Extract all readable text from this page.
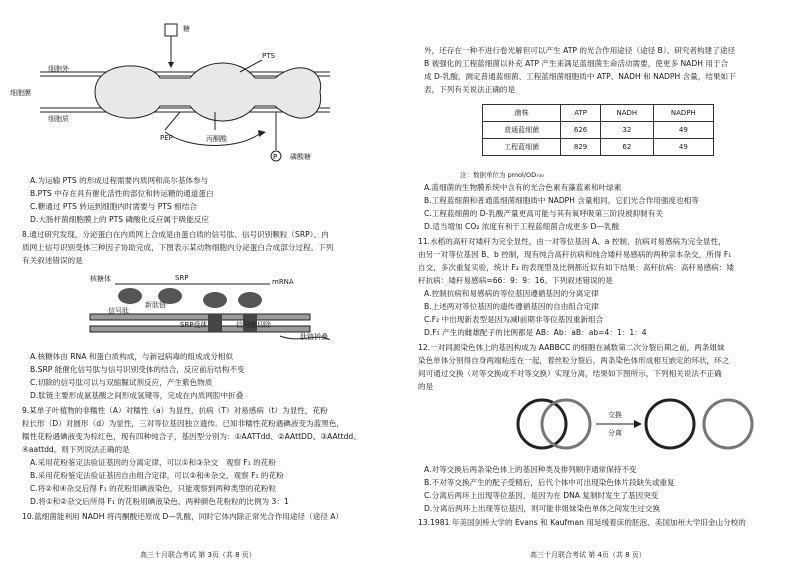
P
糖
PTS
细胞外
细胞膜
细胞质
PEP	丙酮酸
磷酸糖
A.为运输 PTS 的形成过程需要内质网和高尔基体参与
B.PTS 中存在具有催化活性的部位和转运糖的通道蛋白
C.糖通过 PTS 转运到细胞内时需要与 PTS 相结合
D.大肠杆菌细胞膜上的 PTS 磷酸化反应属于吸能反应
8.通过研究发现，分泌蛋白在内质网上合成是由蛋白质的信号肽、信号识别颗粒（SRP）、内
质网上信号识别受体三种因子协助完成，下图表示某动物细胞内分泌蛋白合成部分过程。下列
有关叙述错误的是
核糖体	SRP	mRNA
信号肽
新肽链
SRP受体	信号肽切除
肽链折叠
A.核糖体由 RNA 和蛋白质构成，与新冠病毒的组成成分相似
B.SRP 能催化信号肽与信号识别受体的结合，反应前后结构不变
C.切除的信号肽可以与双缩脲试剂反应，产生紫色物质
D.肽链主要形成氨基酸之间形成氢键等，完成在内质网腔中折叠
9.某单子叶植物的非糯性（A）对糯性（a）为显性，抗病（T）对易感病（t）为显性，花粉
粒长形（D）对圆形（d）为显性，三对等位基因独立遗传。已知非糯性花粉遇碘液变为蓝黑色，
糯性花粉遇碘液变为棕红色，现有四种纯合子，基因型分别为：①AATTdd、②AAttDD、③AAttdd、
④aattdd。则下列说法正确的是
A.采用花粉鉴定法验证基因的分离定律，可以①和③杂交　观察 F₁ 的花粉
B.采用花粉鉴定法验证基因自由组合定律，可以②和④杂交，观察 F₁ 的花粉
C.将②和④杂交后得 F₁ 的花粉用碘液染色，只能观察到两种类型的花粉粒
D.将①和②杂交后所得 F₁ 的花粉用碘液染色，两种颜色花粉粒的比例为 3：1
10.蓝细菌能利用 NADH 将丙酮酸还原成 D—乳酸，同时它体内除正常光合作用途径（途径 A）
高三十月联合考试 第 3页（共 8 页）
外，还存在一种不进行卷光解但可以产生 ATP 的光合作用途径（途径 B）。研究者构建了途径
B 被强化的工程蓝细菌以补充 ATP 产生来满足蓝细菌生命活动需要，使更多 NADH 用于合
成 D-乳酸，测定普通蓝细菌、工程蓝细菌细胞质中 ATP、NADH 和 NADPH 含量，结果如下
表，下列有关说法正确的是
菌株	ATP	NADH	NADPH
普通蓝细菌	626	32	49
工程蓝细菌	829	62	49
注：数据单位为 pmol/OD₇₃₀
A.蓝细菌的生物膜系统中含有的光合色素有藻蓝素和叶绿素
B.工程蓝细菌和普通蓝细菌细胞质中 NADPH 含量相同，它们光合作用强度也相等
C.工程蓝细菌的 D-乳酸产量更高可能与其有氧呼吸第三阶段被抑制有关
D.适当增加 CO₂ 浓度有利于工程蓝细菌合成更多 D—乳酸
11.水稻的高秆对矮秆为完全显性，由一对等位基因 A、a 控制，抗病对易感病为完全显性，
由另一对等位基因 B、b 控制，现有纯合高秆抗病和纯合矮秆易感病的两种亲本杂交，所得 F₁
自交，多次重复实验，统计 F₂ 的表现型及比例都近似有如下结果：高秆抗病：高秆易感病：矮
秆抗病：矮秆易感病=66：9：9：16。下列叙述错误的是
A.控制抗病和易感病的等位基因遵循基因的分离定律
B.上述两对等位基因的遗传遵循基因的自由组合定律
C.F₂ 中出现新表型是因为减Ⅰ前期非等位基因重新组合
D.F₁ 产生的雌雄配子的比例都是 AB：Ab：aB：ab=4：1：1：4
12.一对同源染色体上的基因构成为 AABBCC 的细胞在减数第二次分裂后期之前，两条姐妹
染色单体分别得自身两端粘连在一起，着丝粒分裂后，两条染色体形成相互嵌定的环状，环之
间可通过交换（对等交换或不对等交换）实现分离，结果如下图所示，下列相关说法不正确
的是
交换
分离
A.对等交换后两条染色体上的基因种类及排列顺序通常保持不变
B.不对等交换产生的配子受精后，后代个体中可出现染色体片段缺失或重复
C.分离后两环上出现等位基因，是因为在 DNA 复制时发生了基因突变
D.分离后两环上出现等位基因，则可能非姐妹染色单体之间发生过交换
13.1981 年美国剑桥大学的 Evans 和 Kaufman 用延缓着床的胚泡、美国加州大学旧金山分校的
高三十月联合考试 第 4页（共 8 页）
